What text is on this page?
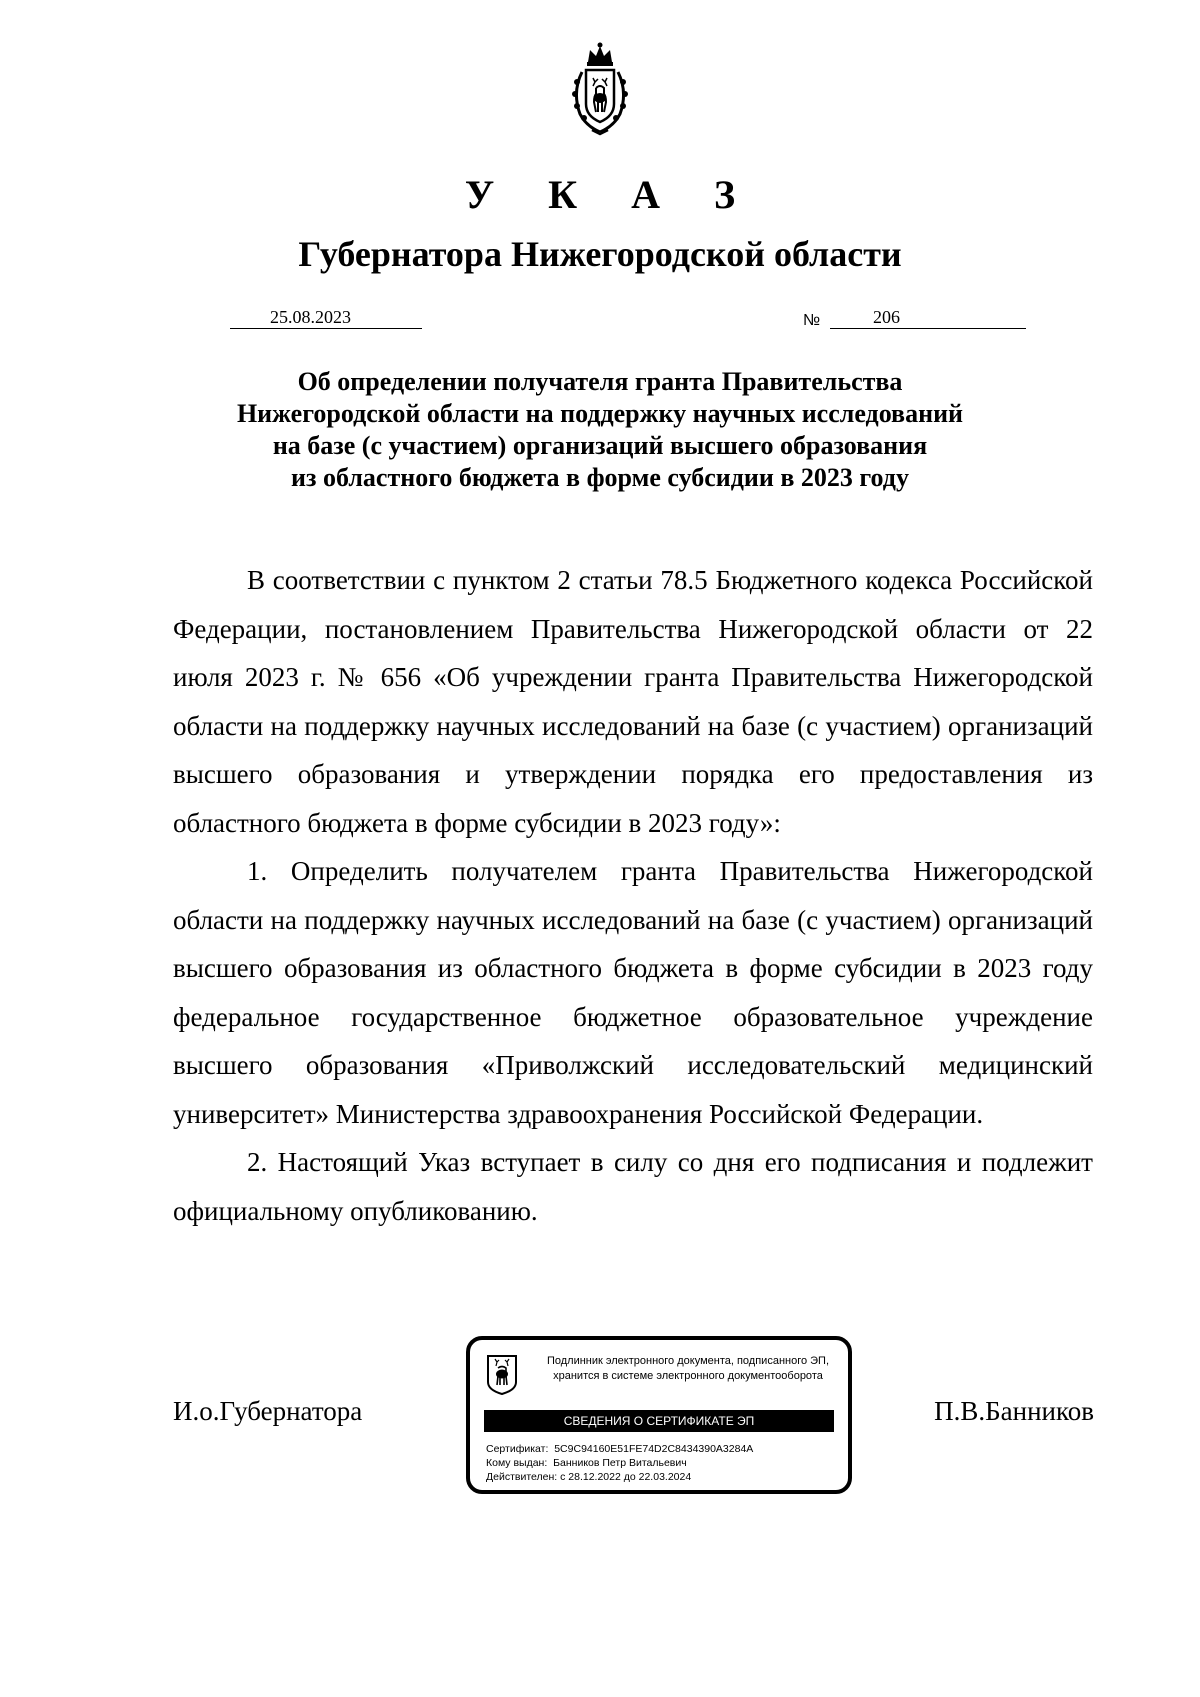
У К А З
Губернатора Нижегородской области
25.08.2023	№	206
Об определении получателя гранта Правительства
Нижегородской области на поддержку научных исследований
на базе (с участием) организаций высшего образования
из областного бюджета в форме субсидии в 2023 году

В соответствии с пунктом 2 статьи 78.5 Бюджетного кодекса Российской Федерации, постановлением Правительства Нижегородской области от 22 июля 2023 г. № 656 «Об учреждении гранта Правительства Нижегородской области на поддержку научных исследований на базе (с участием) организаций высшего образования и утверждении порядка его предоставления из областного бюджета в форме субсидии в 2023 году»:

1. Определить получателем гранта Правительства Нижегородской области на поддержку научных исследований на базе (с участием) организаций высшего образования из областного бюджета в форме субсидии в 2023 году федеральное государственное бюджетное образовательное учреждение высшего образования «Приволжский исследовательский медицинский университет» Министерства здравоохранения Российской Федерации.

2. Настоящий Указ вступает в силу со дня его подписания и подлежит официальному опубликованию.

И.о.Губернатора	П.В.Банников
Подлинник электронного документа, подписанного ЭП,
хранится в системе электронного документооборота
СВЕДЕНИЯ О СЕРТИФИКАТЕ ЭП
Сертификат: 5C9C94160E51FE74D2C8434390A3284A
Кому выдан: Банников Петр Витальевич
Действителен: с 28.12.2022 до 22.03.2024
